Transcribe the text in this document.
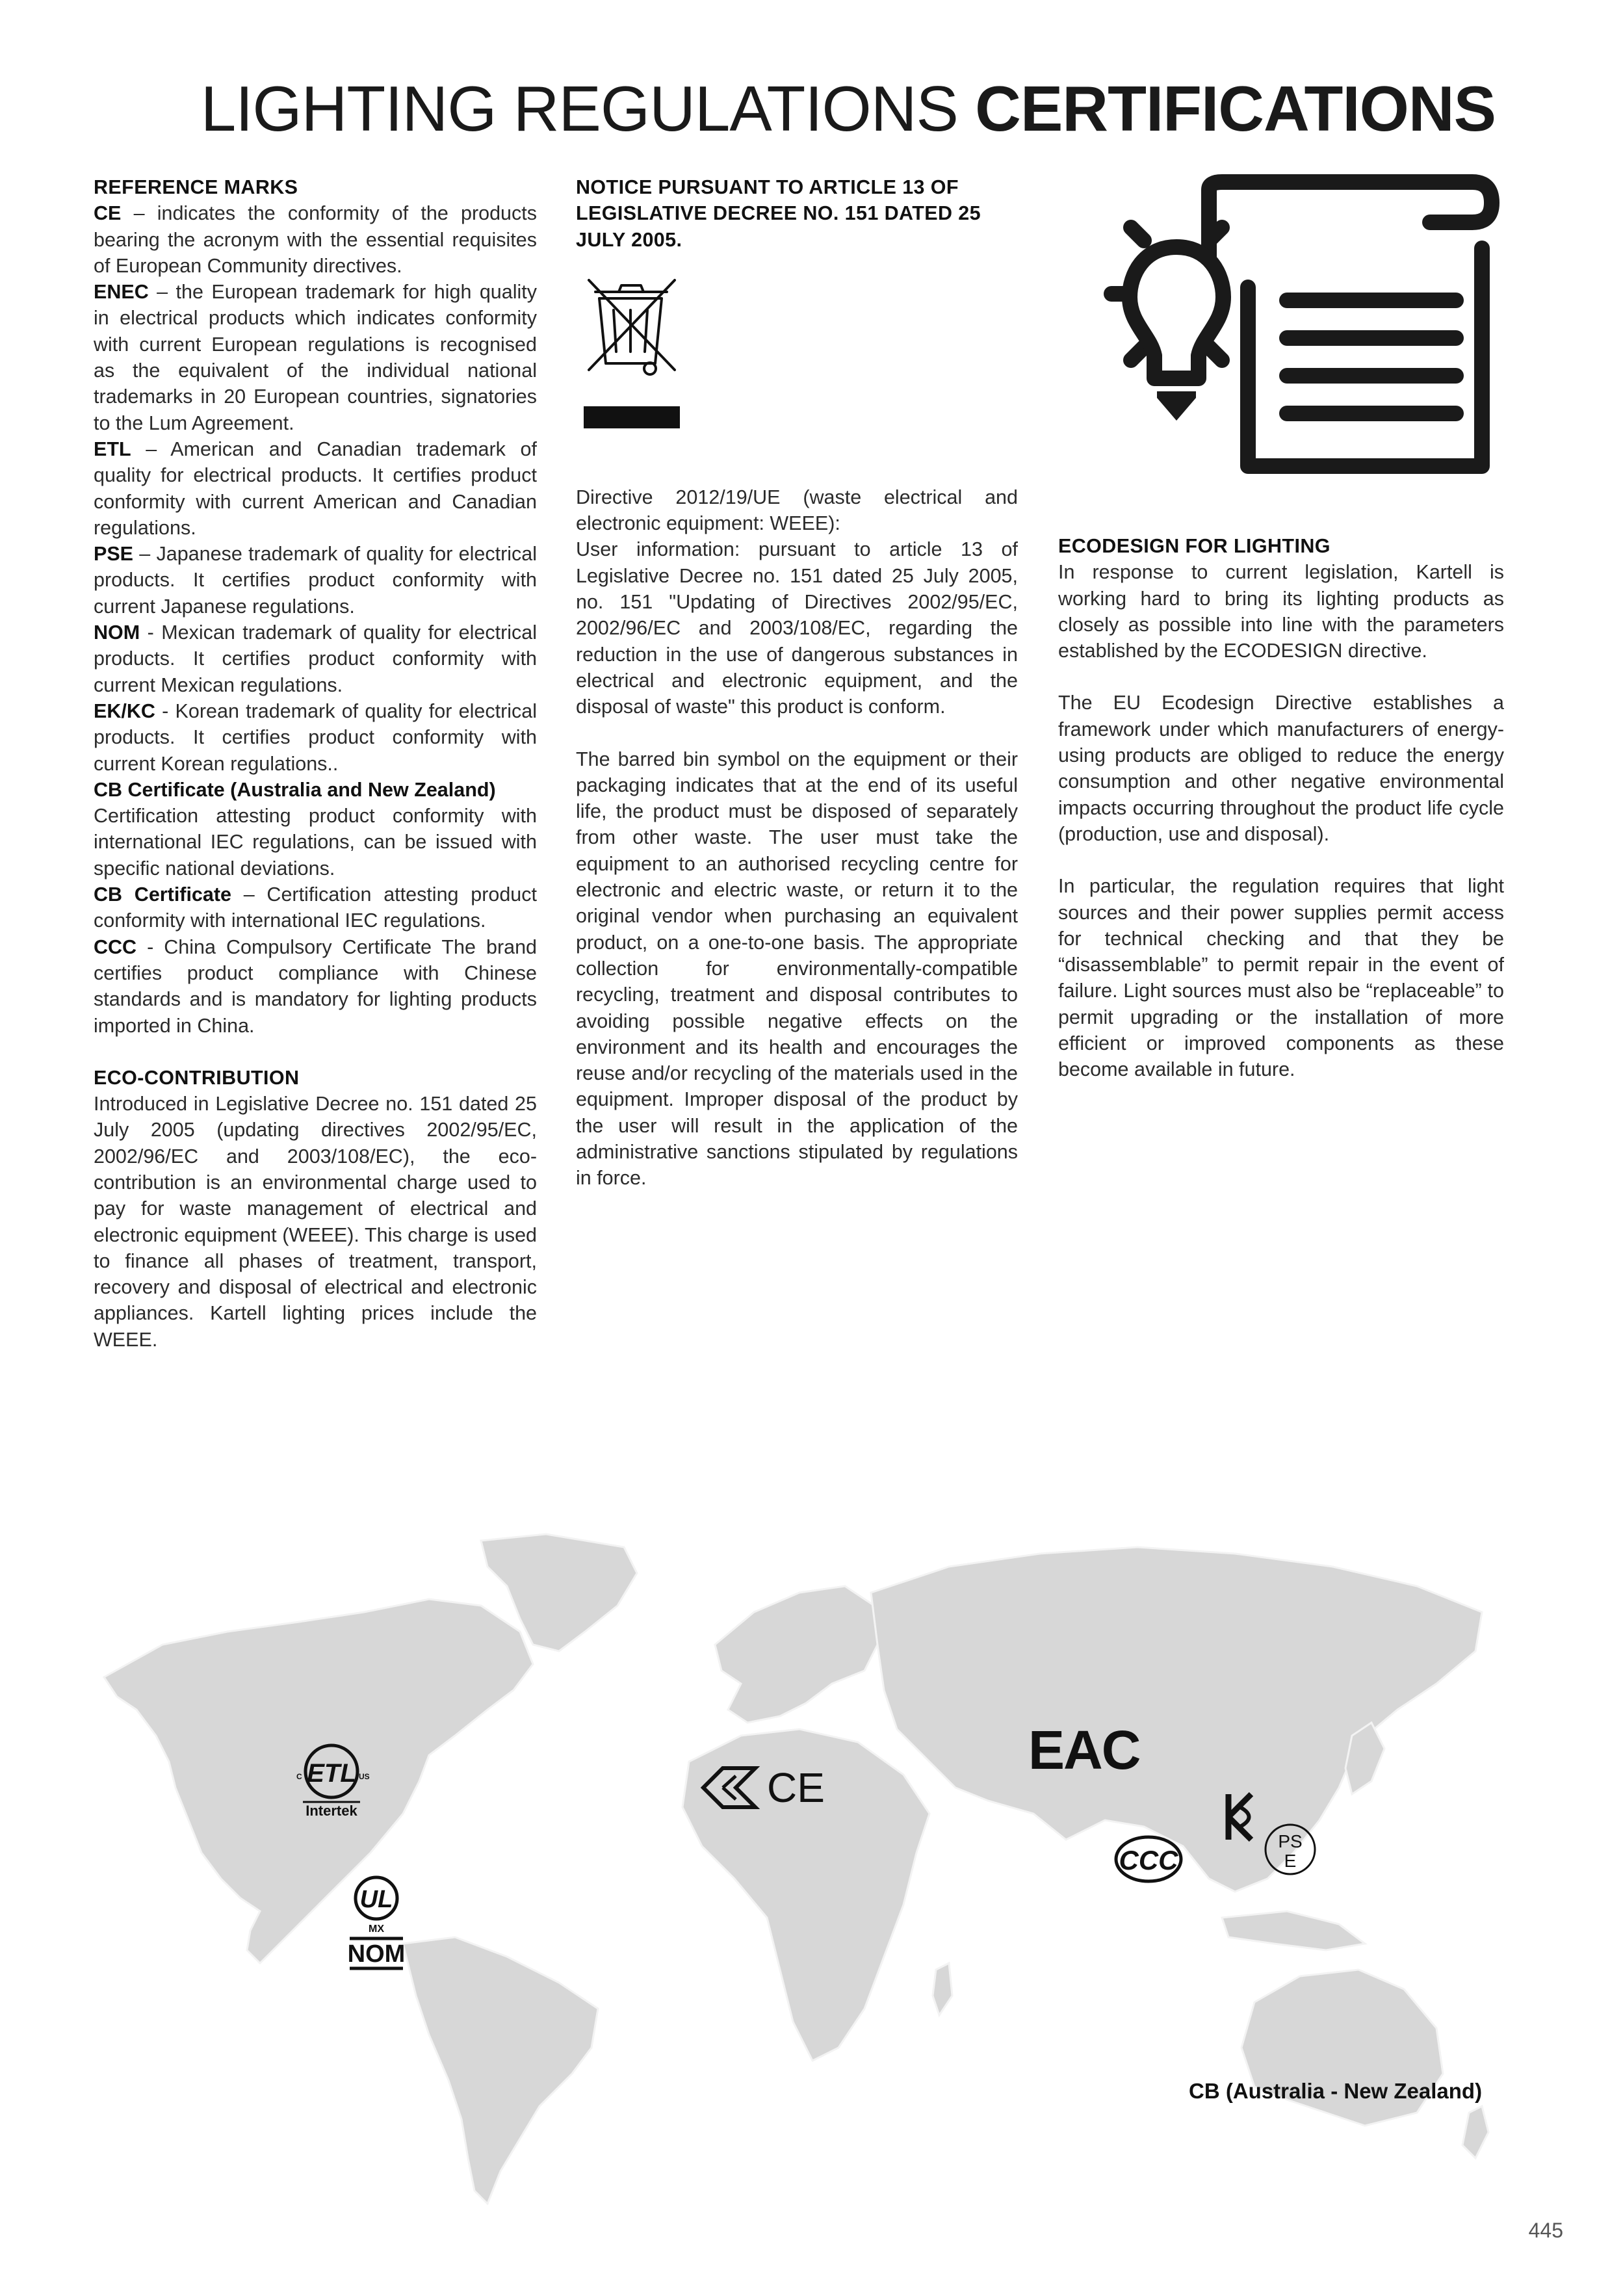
LIGHTING REGULATIONS CERTIFICATIONS
REFERENCE MARKS

CE – indicates the conformity of the products bearing the acronym with the essential requisites of European Community directives.

ENEC – the European trademark for high quality in electrical products which indicates conformity with current European regulations is recognised as the equivalent of the individual national trademarks in 20 European countries, signatories to the Lum Agreement.

ETL – American and Canadian trademark of quality for electrical products. It certifies product conformity with current American and Canadian regulations.

PSE – Japanese trademark of quality for electrical products. It certifies product conformity with current Japanese regulations.

NOM - Mexican trademark of quality for electrical products. It certifies product conformity with current Mexican regulations.

EK/KC - Korean trademark of quality for electrical products. It certifies product conformity with current Korean regulations..

CB Certificate (Australia and New Zealand)

Certification attesting product conformity with international IEC regulations, can be issued with specific national deviations.

CB Certificate – Certification attesting product conformity with international IEC regulations.

CCC - China Compulsory Certificate The brand certifies product compliance with Chinese standards and is mandatory for lighting products imported in China.

ECO-CONTRIBUTION

Introduced in Legislative Decree no. 151 dated 25 July 2005 (updating directives 2002/95/EC, 2002/96/EC and 2003/108/EC), the eco-contribution is an environmental charge used to pay for waste management of electrical and electronic equipment (WEEE). This charge is used to finance all phases of treatment, transport, recovery and disposal of electrical and electronic appliances. Kartell lighting prices include the WEEE.

NOTICE PURSUANT TO ARTICLE 13 OF LEGISLATIVE DECREE NO. 151 DATED 25 JULY 2005.

Directive 2012/19/UE (waste electrical and electronic equipment: WEEE):

User information: pursuant to article 13 of Legislative Decree no. 151 dated 25 July 2005, no. 151 "Updating of Directives 2002/95/EC, 2002/96/EC and 2003/108/EC, regarding the reduction in the use of dangerous substances in electrical and electronic equipment, and the disposal of waste" this product is conform.

The barred bin symbol on the equipment or their packaging indicates that at the end of its useful life, the product must be disposed of separately from other waste. The user must take the equipment to an authorised recycling centre for electronic and electric waste, or return it to the original vendor when purchasing an equivalent product, on a one-to-one basis. The appropriate collection for environmentally-compatible recycling, treatment and disposal contributes to avoiding possible negative effects on the environment and its health and encourages the reuse and/or recycling of the materials used in the equipment. Improper disposal of the product by the user will result in the application of the administrative sanctions stipulated by regulations in force.

ECODESIGN FOR LIGHTING

In response to current legislation, Kartell is working hard to bring its lighting products as closely as possible into line with the parameters established by the ECODESIGN directive.

The EU Ecodesign Directive establishes a framework under which manufacturers of energy-using products are obliged to reduce the energy consumption and other negative environmental impacts occurring throughout the product life cycle (production, use and disposal).

In particular, the regulation requires that light sources and their power supplies permit access for technical checking and that they be “disassemblable” to permit repair in the event of failure. Light sources must also be “replaceable” to permit upgrading or the installation of more efficient or improved components as these become available in future.

ETL
C	US
Intertek
UL
MX
NOM
CE
EAC
CCC
PS
E
CB (Australia - New Zealand)
445
